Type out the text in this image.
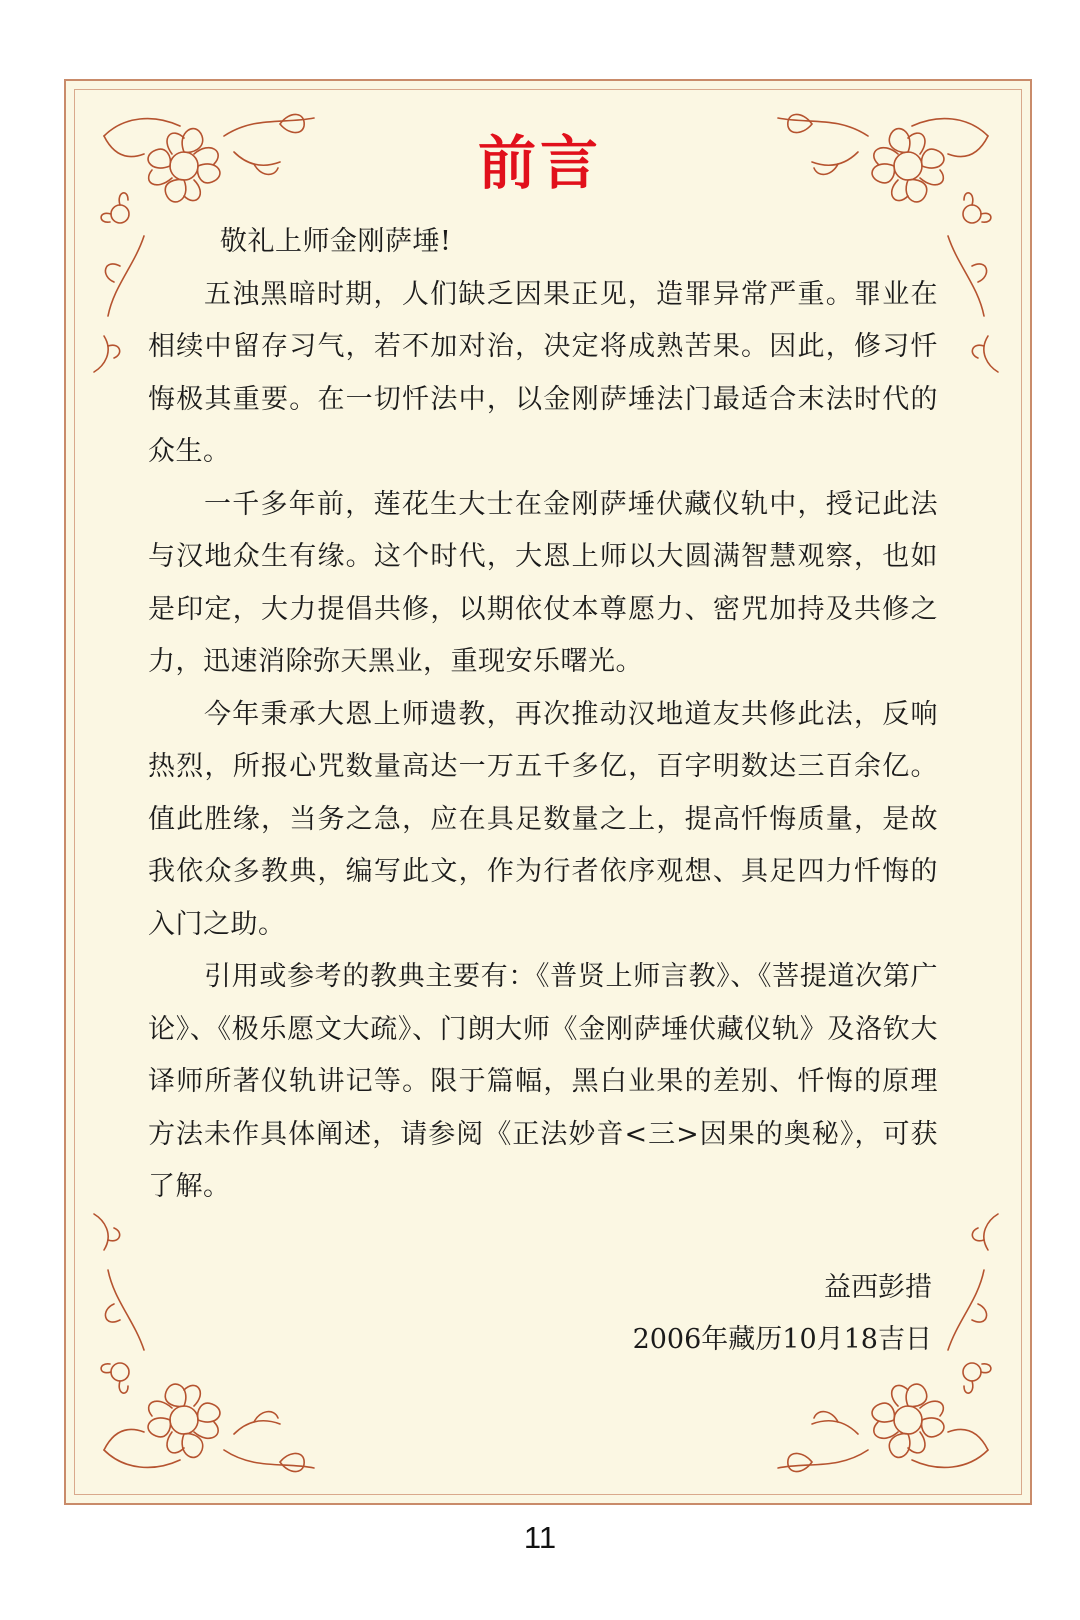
前言

敬礼上师金刚萨埵!

五浊黑暗时期，人们缺乏因果正见，造罪异常严重。罪业在相续中留存习气，若不加对治，决定将成熟苦果。因此，修习忏悔极其重要。在一切忏法中，以金刚萨埵法门最适合末法时代的众生。

一千多年前，莲花生大士在金刚萨埵伏藏仪轨中，授记此法与汉地众生有缘。这个时代，大恩上师以大圆满智慧观察，也如是印定，大力提倡共修，以期依仗本尊愿力、密咒加持及共修之力，迅速消除弥天黑业，重现安乐曙光。

今年秉承大恩上师遗教，再次推动汉地道友共修此法，反响热烈，所报心咒数量高达一万五千多亿，百字明数达三百余亿。值此胜缘，当务之急，应在具足数量之上，提高忏悔质量，是故我依众多教典，编写此文，作为行者依序观想、具足四力忏悔的入门之助。

引用或参考的教典主要有：《普贤上师言教》、《菩提道次第广论》、《极乐愿文大疏》、门朗大师《金刚萨埵伏藏仪轨》及洛钦大译师所著仪轨讲记等。限于篇幅，黑白业果的差别、忏悔的原理方法未作具体阐述，请参阅《正法妙音<三>因果的奥秘》，可获了解。

益西彭措
2006年藏历10月18吉日
11
